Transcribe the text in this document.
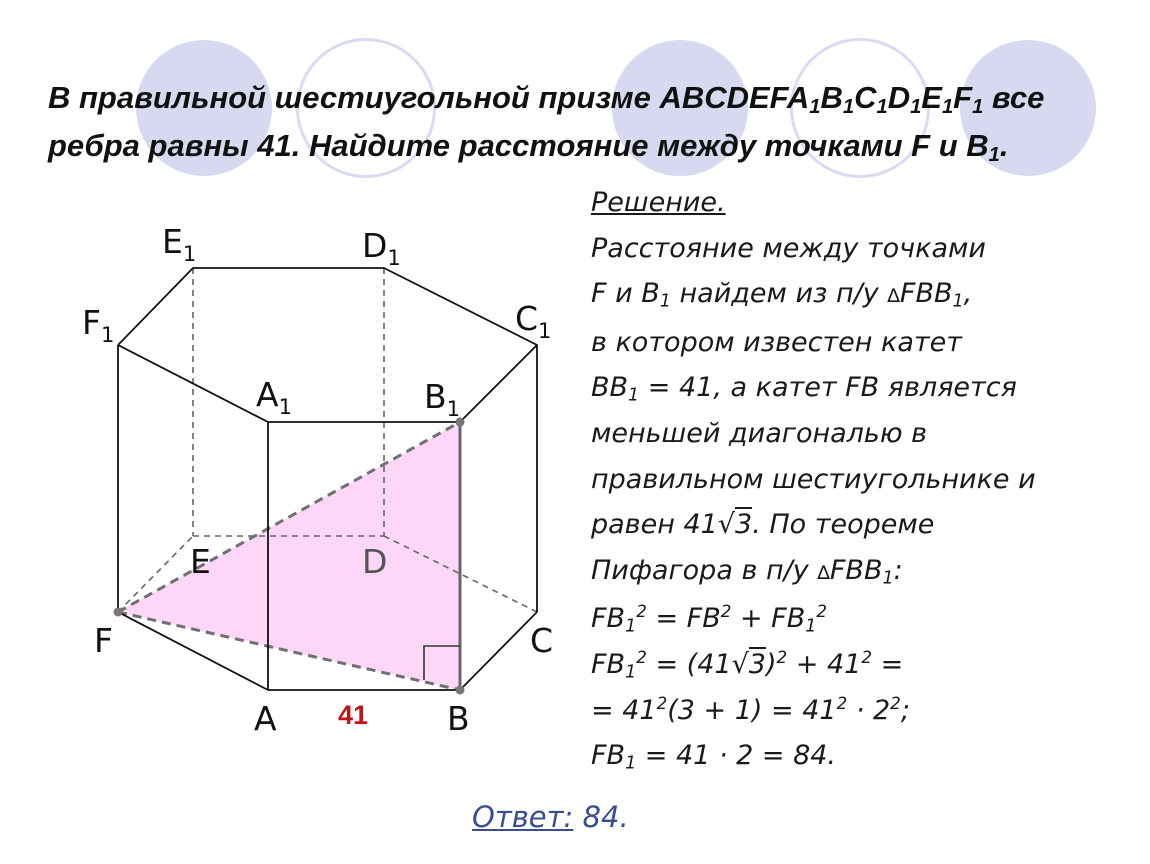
В правильной шестиугольной призме $ABCDEFA_1B_1C_1D_1E_1F_1$ все
ребра равны 41. Найдите расстояние между точками F и $B_1$.
$E_1$	$D_1$
$F_1$	$C_1$
$A_1$	$B_1$
E	D
F	C
A	B
41
Решение.
Расстояние между точками
F и $B_1$ найдем из п/у $\Delta FBB_1$,
в котором известен катет
$BB_1 = 41$, а катет FB является
меньшей диагональю в
правильном шестиугольнике и
равен 41√3. По теореме
Пифагора в п/у $\Delta FBB_1$:
$FB_1^2 = FB^2 + FB_1^2$
$FB_1^2 = (41√3)^2 + 41^2$ =
= $41^2(3 + 1) = 41^2 \cdot 2^2$;
$FB_1 = 41 \cdot 2 = 84$.
Ответ: 84.
